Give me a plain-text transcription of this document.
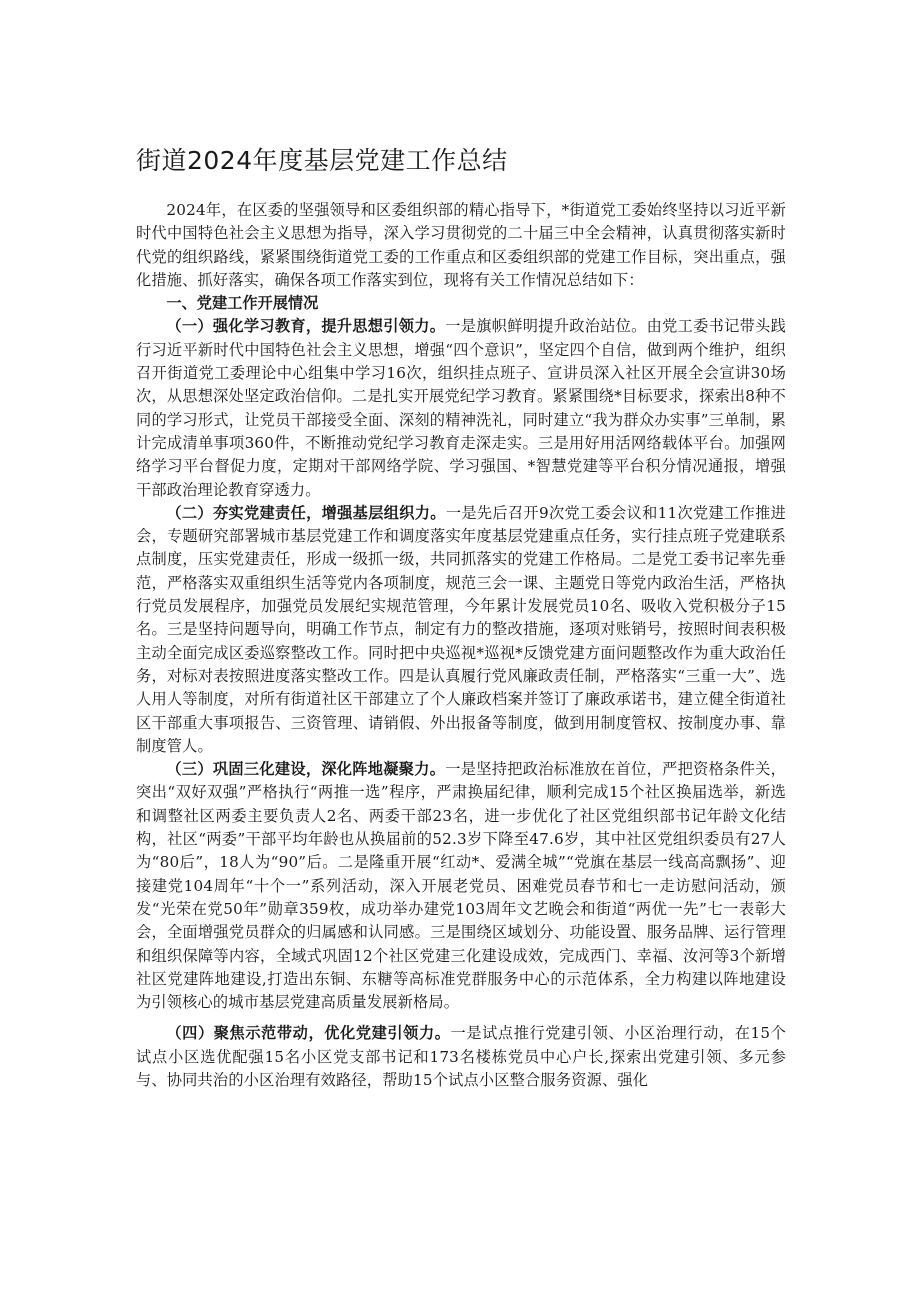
街道2024年度基层党建工作总结

2024年，在区委的坚强领导和区委组织部的精心指导下，*街道党工委始终坚持以习近平新时代中国特色社会主义思想为指导，深入学习贯彻党的二十届三中全会精神，认真贯彻落实新时代党的组织路线，紧紧围绕街道党工委的工作重点和区委组织部的党建工作目标，突出重点，强化措施、抓好落实，确保各项工作落实到位，现将有关工作情况总结如下：

一、党建工作开展情况

（一）强化学习教育，提升思想引领力。一是旗帜鲜明提升政治站位。由党工委书记带头践行习近平新时代中国特色社会主义思想，增强“四个意识”，坚定四个自信，做到两个维护，组织召开街道党工委理论中心组集中学习16次，组织挂点班子、宣讲员深入社区开展全会宣讲30场次，从思想深处坚定政治信仰。二是扎实开展党纪学习教育。紧紧围绕*目标要求，探索出8种不同的学习形式，让党员干部接受全面、深刻的精神洗礼，同时建立“我为群众办实事”三单制，累计完成清单事项360件，不断推动党纪学习教育走深走实。三是用好用活网络载体平台。加强网络学习平台督促力度，定期对干部网络学院、学习强国、*智慧党建等平台积分情况通报，增强干部政治理论教育穿透力。

（二）夯实党建责任，增强基层组织力。一是先后召开9次党工委会议和11次党建工作推进会，专题研究部署城市基层党建工作和调度落实年度基层党建重点任务，实行挂点班子党建联系点制度，压实党建责任，形成一级抓一级，共同抓落实的党建工作格局。二是党工委书记率先垂范，严格落实双重组织生活等党内各项制度，规范三会一课、主题党日等党内政治生活，严格执行党员发展程序，加强党员发展纪实规范管理，今年累计发展党员10名、吸收入党积极分子15名。三是坚持问题导向，明确工作节点，制定有力的整改措施，逐项对账销号，按照时间表积极主动全面完成区委巡察整改工作。同时把中央巡视*巡视*反馈党建方面问题整改作为重大政治任务，对标对表按照进度落实整改工作。四是认真履行党风廉政责任制，严格落实“三重一大”、选人用人等制度，对所有街道社区干部建立了个人廉政档案并签订了廉政承诺书，建立健全街道社区干部重大事项报告、三资管理、请销假、外出报备等制度，做到用制度管权、按制度办事、靠制度管人。

（三）巩固三化建设，深化阵地凝聚力。一是坚持把政治标准放在首位，严把资格条件关，突出“双好双强”严格执行“两推一选”程序，严肃换届纪律，顺利完成15个社区换届选举，新选和调整社区两委主要负责人2名、两委干部23名，进一步优化了社区党组织部书记年龄文化结构，社区“两委”干部平均年龄也从换届前的52.3岁下降至47.6岁，其中社区党组织委员有27人为“80后”，18人为“90”后。二是隆重开展“红动*、爱满全城”“党旗在基层一线高高飘扬”、迎接建党104周年“十个一”系列活动，深入开展老党员、困难党员春节和七一走访慰问活动，颁发“光荣在党50年”勋章359枚，成功举办建党103周年文艺晚会和街道“两优一先”七一表彰大会，全面增强党员群众的归属感和认同感。三是围绕区域划分、功能设置、服务品牌、运行管理和组织保障等内容，全域式巩固12个社区党建三化建设成效，完成西门、幸福、汝河等3个新增社区党建阵地建设,打造出东铜、东糖等高标准党群服务中心的示范体系，全力构建以阵地建设为引领核心的城市基层党建高质量发展新格局。

（四）聚焦示范带动，优化党建引领力。一是试点推行党建引领、小区治理行动，在15个试点小区选优配强15名小区党支部书记和173名楼栋党员中心户长,探索出党建引领、多元参与、协同共治的小区治理有效路径，帮助15个试点小区整合服务资源、强化
